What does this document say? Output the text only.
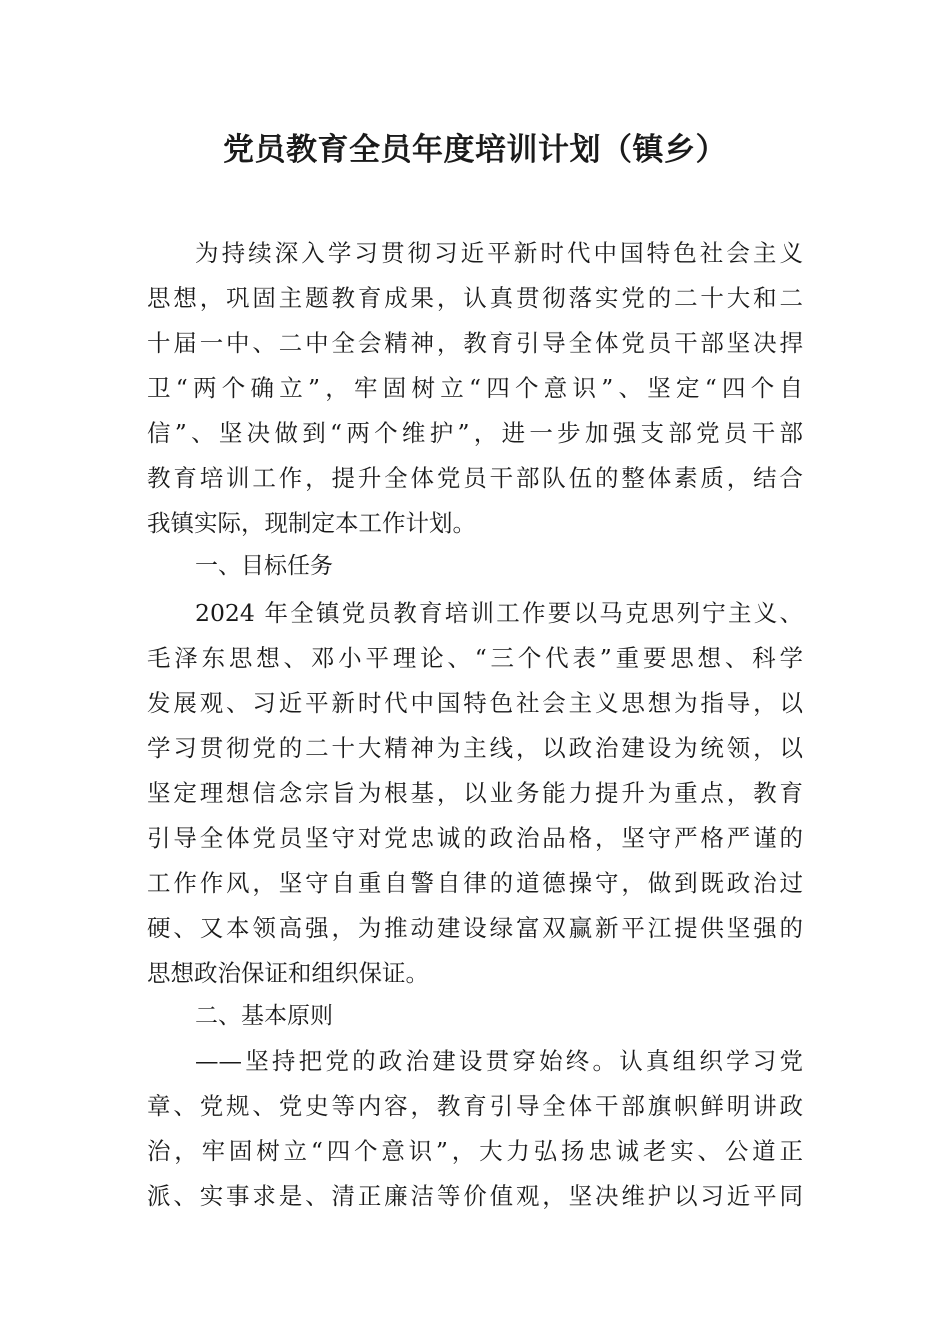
党员教育全员年度培训计划（镇乡）
为持续深入学习贯彻习近平新时代中国特色社会主义
思想，巩固主题教育成果，认真贯彻落实党的二十大和二
十届一中、二中全会精神，教育引导全体党员干部坚决捍
卫“两个确立”，牢固树立“四个意识”、坚定“四个自
信”、坚决做到“两个维护”，进一步加强支部党员干部
教育培训工作，提升全体党员干部队伍的整体素质，结合
我镇实际，现制定本工作计划。
一、目标任务
2024 年全镇党员教育培训工作要以马克思列宁主义、
毛泽东思想、邓小平理论、“三个代表”重要思想、科学
发展观、习近平新时代中国特色社会主义思想为指导，以
学习贯彻党的二十大精神为主线，以政治建设为统领，以
坚定理想信念宗旨为根基，以业务能力提升为重点，教育
引导全体党员坚守对党忠诚的政治品格，坚守严格严谨的
工作作风，坚守自重自警自律的道德操守，做到既政治过
硬、又本领高强，为推动建设绿富双赢新平江提供坚强的
思想政治保证和组织保证。
二、基本原则
——坚持把党的政治建设贯穿始终。认真组织学习党
章、党规、党史等内容，教育引导全体干部旗帜鲜明讲政
治，牢固树立“四个意识”，大力弘扬忠诚老实、公道正
派、实事求是、清正廉洁等价值观，坚决维护以习近平同
